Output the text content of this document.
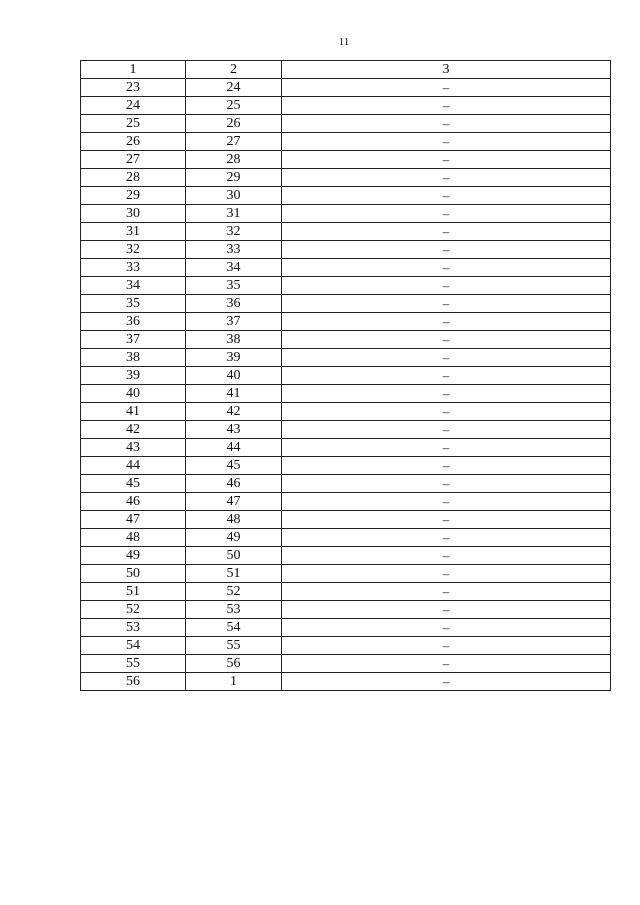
11
1	2	3
23	24	–
24	25	–
25	26	–
26	27	–
27	28	–
28	29	–
29	30	–
30	31	–
31	32	–
32	33	–
33	34	–
34	35	–
35	36	–
36	37	–
37	38	–
38	39	–
39	40	–
40	41	–
41	42	–
42	43	–
43	44	–
44	45	–
45	46	–
46	47	–
47	48	–
48	49	–
49	50	–
50	51	–
51	52	–
52	53	–
53	54	–
54	55	–
55	56	–
56	1	–
